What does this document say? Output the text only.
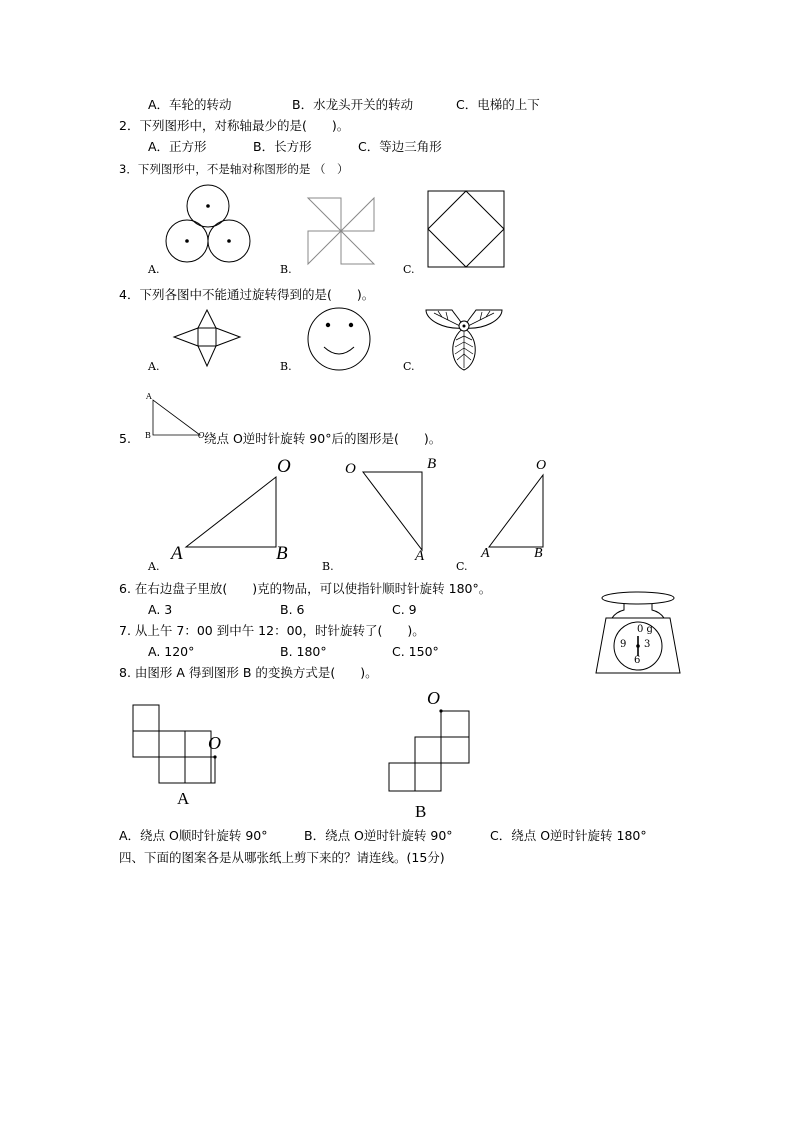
A．车轮的转动	B．水龙头开关的转动	C．电梯的上下
2．下列图形中，对称轴最少的是(　　)。
A．正方形	B．长方形	C．等边三角形
3．下列图形中，不是轴对称图形的是 （　）
A.	B.	C.
4．下列各图中不能通过旋转得到的是(　　)。
A.	B.	C.
A
B	O
5.	绕点 O逆时针旋转 90°后的图形是(　　)。
O
A	B
A.
O	B
A
B.
O
A	B
C.
6. 在右边盘子里放(　　)克的物品，可以使指针顺时针旋转 180°。
A. 3	B. 6	C. 9
0 g
9 3
6
7. 从上午 7：00 到中午 12：00，时针旋转了(　　)。
A. 120°	B. 180°	C. 150°
8. 由图形 A 得到图形 B 的变换方式是(　　)。
O
A
O
B
A．绕点 O顺时针旋转 90°	B．绕点 O逆时针旋转 90°	C．绕点 O逆时针旋转 180°
四、下面的图案各是从哪张纸上剪下来的？请连线。(15分)
